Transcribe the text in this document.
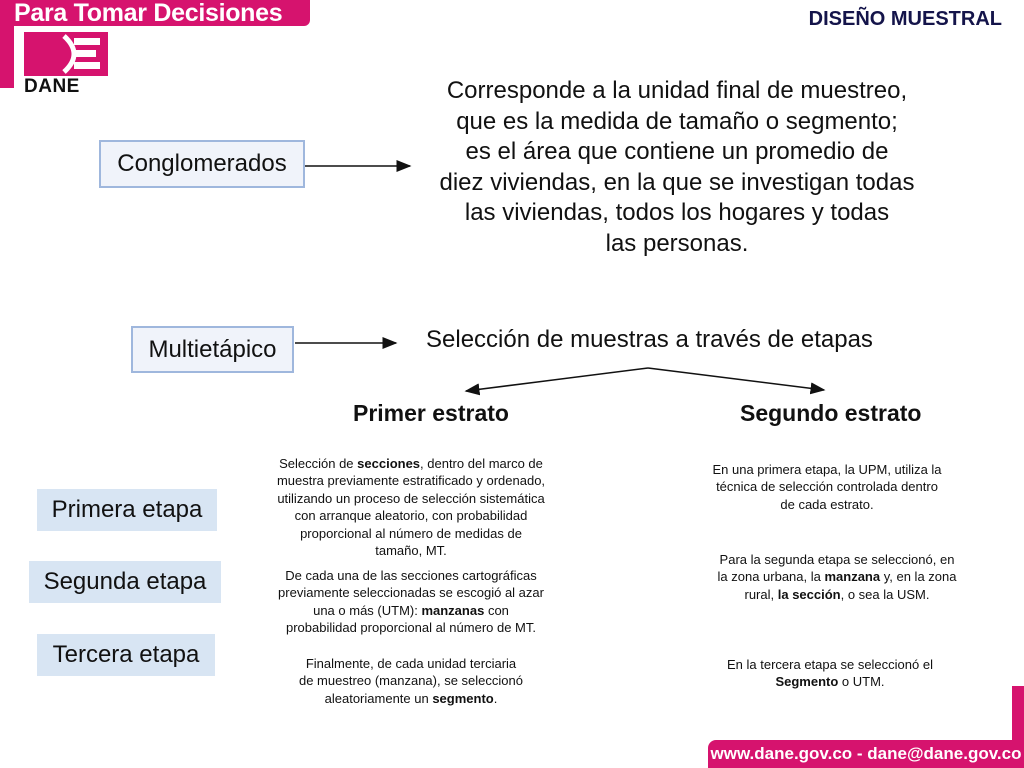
Para Tomar Decisiones
DANE
DISEÑO MUESTRAL
Conglomerados
Corresponde a la unidad final de muestreo,
que es la medida de tamaño o segmento;
es el área que contiene un promedio de
diez viviendas, en la que se investigan todas
las viviendas, todos los hogares y todas
las personas.
Multietápico	Selección de muestras a través de etapas
Primer estrato	Segundo estrato
Primera etapa
Segunda etapa
Tercera etapa
Selección de secciones, dentro del marco de
muestra previamente estratificado y ordenado,
utilizando un proceso de selección sistemática
con arranque aleatorio, con probabilidad
proporcional al número de medidas de
tamaño, MT.
De cada una de las secciones cartográficas
previamente seleccionadas se escogió al azar
una o más (UTM): manzanas con
probabilidad proporcional al número de MT.
Finalmente, de cada unidad terciaria
de muestreo (manzana), se seleccionó
aleatoriamente un segmento.
En una primera etapa, la UPM, utiliza la
técnica de selección controlada dentro
de cada estrato.
Para la segunda etapa se seleccionó, en
la zona urbana, la manzana y, en la zona
rural, la sección, o sea la USM.
En la tercera etapa se seleccionó el
Segmento o UTM.
www.dane.gov.co - dane@dane.gov.co
